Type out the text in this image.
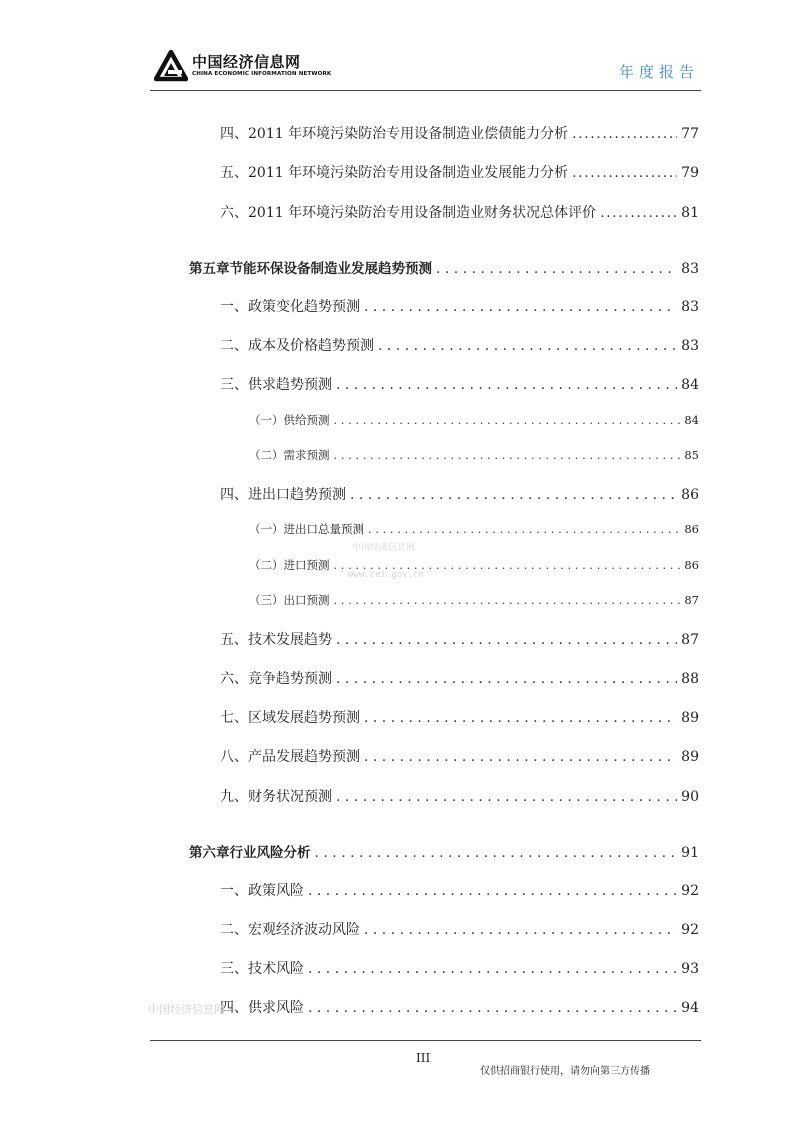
中国经济信息网
CHINA ECONOMIC INFORMATION NETWORK	年度报告
四、2011 年环境污染防治专用设备制造业偿债能力分析 .....	77
五、2011 年环境污染防治专用设备制造业发展能力分析 .....	79
六、2011 年环境污染防治专用设备制造业财务状况总体评价 .....	81
第五章 节能环保设备制造业发展趋势预测 . . .	83
一、政策变化趋势预测 . . .	83
二、成本及价格趋势预测 . . .	83
三、供求趋势预测 . . .	84
（一）供给预测 . . .	84
（二）需求预测 . . .	85
四、进出口趋势预测 . . .	86
（一）进出口总量预测 . . .	86
（二）进口预测 . . .	86
（三）出口预测 . . .	87
五、技术发展趋势 . . .	87
六、竞争趋势预测 . . .	88
七、区域发展趋势预测 . . .	89
八、产品发展趋势预测 . . .	89
九、财务状况预测 . . .	90
第六章 行业风险分析 . . .	91
一、政策风险 . . .	92
二、宏观经济波动风险 . . .	92
三、技术风险 . . .	93
四、供求风险 . . .	94
中国经济信息网
www.cei.gov.cn
中国经济信息网
III
仅供招商银行使用，请勿向第三方传播
